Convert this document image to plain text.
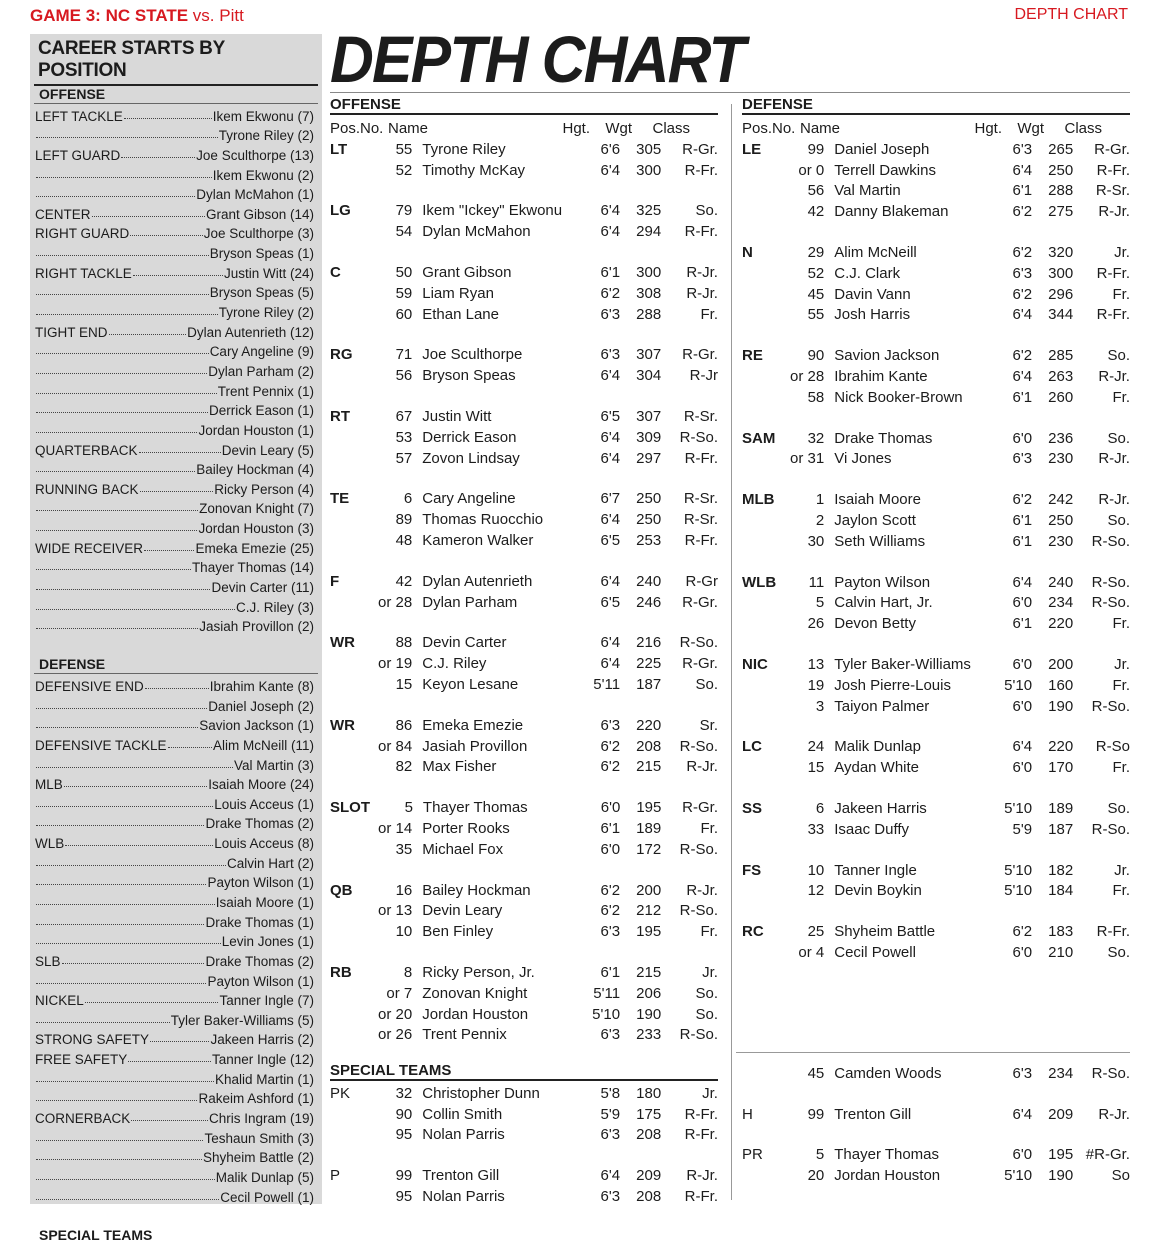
GAME 3: NC STATE vs. Pitt	DEPTH CHART
CAREER STARTS BY POSITION
OFFENSE
LEFT TACKLE	Ikem Ekwonu (7)
Tyrone Riley (2)
LEFT GUARD	Joe Sculthorpe (13)
Ikem Ekwonu (2)
Dylan McMahon (1)
CENTER	Grant Gibson (14)
RIGHT GUARD	Joe Sculthorpe (3)
Bryson Speas (1)
RIGHT TACKLE	Justin Witt (24)
Bryson Speas (5)
Tyrone Riley (2)
TIGHT END	Dylan Autenrieth (12)
Cary Angeline (9)
Dylan Parham (2)
Trent Pennix (1)
Derrick Eason (1)
Jordan Houston (1)
QUARTERBACK	Devin Leary (5)
Bailey Hockman (4)
RUNNING BACK	Ricky Person (4)
Zonovan Knight (7)
Jordan Houston (3)
WIDE RECEIVER	Emeka Emezie (25)
Thayer Thomas (14)
Devin Carter (11)
C.J. Riley (3)
Jasiah Provillon (2)
DEFENSE
DEFENSIVE END	Ibrahim Kante (8)
Daniel Joseph (2)
Savion Jackson (1)
DEFENSIVE TACKLE	Alim McNeill (11)
Val Martin (3)
MLB	Isaiah Moore (24)
Louis Acceus (1)
Drake Thomas (2)
WLB	Louis Acceus (8)
Calvin Hart (2)
Payton Wilson (1)
Isaiah Moore (1)
Drake Thomas (1)
Levin Jones (1)
SLB	Drake Thomas (2)
Payton Wilson (1)
NICKEL	Tanner Ingle (7)
Tyler Baker-Williams (5)
STRONG SAFETY	Jakeen Harris (2)
FREE SAFETY	Tanner Ingle (12)
Khalid Martin (1)
Rakeim Ashford (1)
CORNERBACK	Chris Ingram (19)
Teshaun Smith (3)
Shyheim Battle (2)
Malik Dunlap (5)
Cecil Powell (1)
SPECIAL TEAMS
DEPTH CHART
OFFENSE
Pos. No. Name	Hgt.	Wgt	Class
LT	55 Tyrone Riley	6'6	305	R-Gr.
52 Timothy McKay	6'4	300	R-Fr.
LG	79 Ikem "Ickey" Ekwonu	6'4	325	So.
54 Dylan McMahon	6'4	294	R-Fr.
C	50 Grant Gibson	6'1	300	R-Jr.
59 Liam Ryan	6'2	308	R-Jr.
60 Ethan Lane	6'3	288	Fr.
RG	71 Joe Sculthorpe	6'3	307	R-Gr.
56 Bryson Speas	6'4	304	R-Jr
RT	67 Justin Witt	6'5	307	R-Sr.
53 Derrick Eason	6'4	309	R-So.
57 Zovon Lindsay	6'4	297	R-Fr.
TE	6 Cary Angeline	6'7	250	R-Sr.
89 Thomas Ruocchio	6'4	250	R-Sr.
48 Kameron Walker	6'5	253	R-Fr.
F	42 Dylan Autenrieth	6'4	240	R-Gr
or 28 Dylan Parham	6'5	246	R-Gr.
WR	88 Devin Carter	6'4	216	R-So.
or 19 C.J. Riley	6'4	225	R-Gr.
15 Keyon Lesane	5'11	187	So.
WR	86 Emeka Emezie	6'3	220	Sr.
or 84 Jasiah Provillon	6'2	208	R-So.
82 Max Fisher	6'2	215	R-Jr.
SLOT	5 Thayer Thomas	6'0	195	R-Gr.
or 14 Porter Rooks	6'1	189	Fr.
35 Michael Fox	6'0	172	R-So.
QB	16 Bailey Hockman	6'2	200	R-Jr.
or 13 Devin Leary	6'2	212	R-So.
10 Ben Finley	6'3	195	Fr.
RB	8 Ricky Person, Jr.	6'1	215	Jr.
or 7 Zonovan Knight	5'11	206	So.
or 20 Jordan Houston	5'10	190	So.
or 26 Trent Pennix	6'3	233	R-So.
DEFENSE
Pos. No. Name	Hgt.	Wgt	Class
LE	99 Daniel Joseph	6'3	265	R-Gr.
or 0 Terrell Dawkins	6'4	250	R-Fr.
56 Val Martin	6'1	288	R-Sr.
42 Danny Blakeman	6'2	275	R-Jr.
N	29 Alim McNeill	6'2	320	Jr.
52 C.J. Clark	6'3	300	R-Fr.
45 Davin Vann	6'2	296	Fr.
55 Josh Harris	6'4	344	R-Fr.
RE	90 Savion Jackson	6'2	285	So.
or 28 Ibrahim Kante	6'4	263	R-Jr.
58 Nick Booker-Brown	6'1	260	Fr.
SAM	32 Drake Thomas	6'0	236	So.
or 31 Vi Jones	6'3	230	R-Jr.
MLB	1 Isaiah Moore	6'2	242	R-Jr.
2 Jaylon Scott	6'1	250	So.
30 Seth Williams	6'1	230	R-So.
WLB	11 Payton Wilson	6'4	240	R-So.
5 Calvin Hart, Jr.	6'0	234	R-So.
26 Devon Betty	6'1	220	Fr.
NIC	13 Tyler Baker-Williams	6'0	200	Jr.
19 Josh Pierre-Louis	5'10	160	Fr.
3 Taiyon Palmer	6'0	190	R-So.
LC	24 Malik Dunlap	6'4	220	R-So
15 Aydan White	6'0	170	Fr.
SS	6 Jakeen Harris	5'10	189	So.
33 Isaac Duffy	5'9	187	R-So.
FS	10 Tanner Ingle	5'10	182	Jr.
12 Devin Boykin	5'10	184	Fr.
RC	25 Shyheim Battle	6'2	183	R-Fr.
or 4 Cecil Powell	6'0	210	So.
SPECIAL TEAMS
PK	32 Christopher Dunn	5'8	180	Jr.
90 Collin Smith	5'9	175	R-Fr.
95 Nolan Parris	6'3	208	R-Fr.
P	99 Trenton Gill	6'4	209	R-Jr.
95 Nolan Parris	6'3	208	R-Fr.
45 Camden Woods	6'3	234	R-So.
H	99 Trenton Gill	6'4	209	R-Jr.
PR	5 Thayer Thomas	6'0	195 #R-Gr.
20 Jordan Houston	5'10	190	So
